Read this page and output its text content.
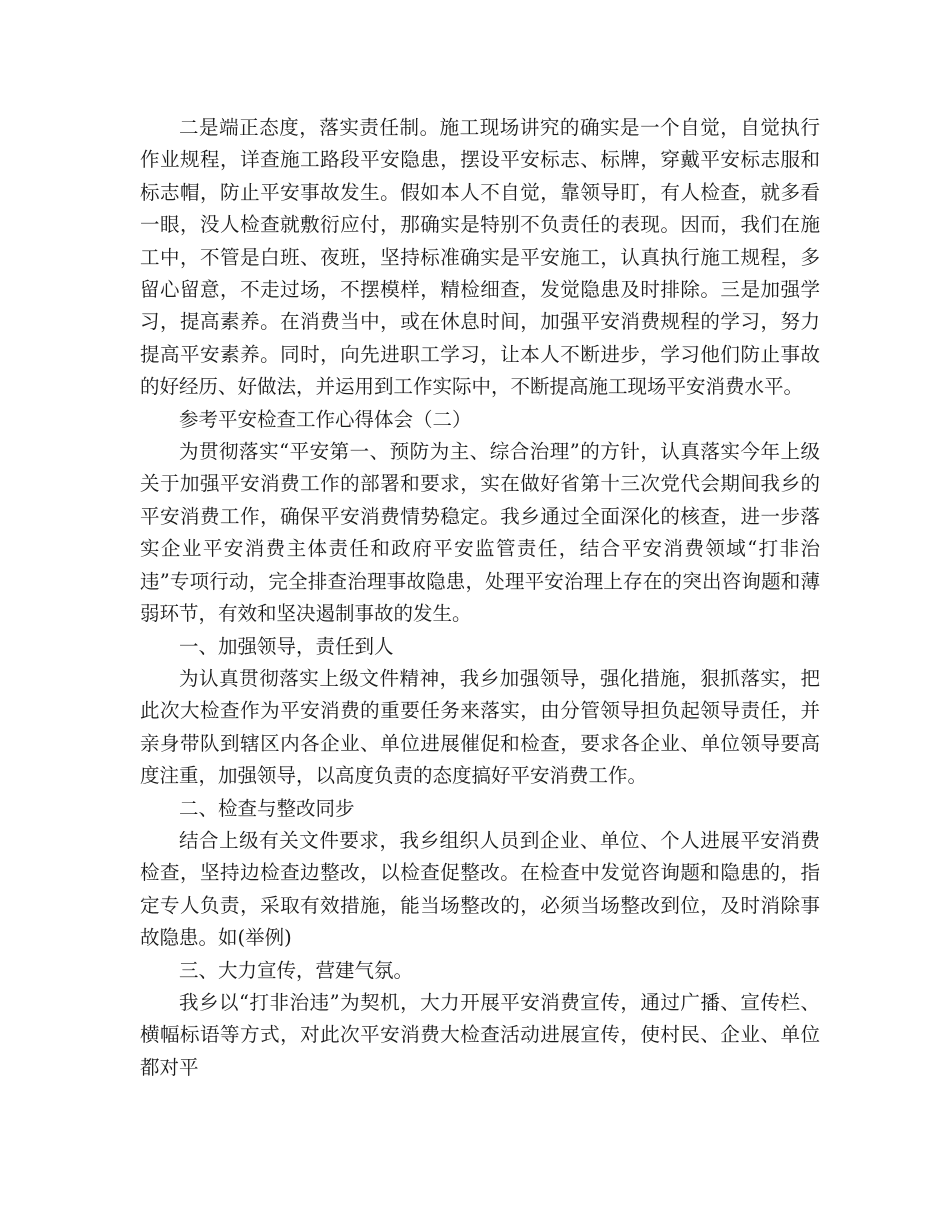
二是端正态度，落实责任制。施工现场讲究的确实是一个自觉，自觉执行作业规程，详查施工路段平安隐患，摆设平安标志、标牌，穿戴平安标志服和标志帽，防止平安事故发生。假如本人不自觉，靠领导盯，有人检查，就多看一眼，没人检查就敷衍应付，那确实是特别不负责任的表现。因而，我们在施工中，不管是白班、夜班，坚持标准确实是平安施工，认真执行施工规程，多留心留意，不走过场，不摆模样，精检细查，发觉隐患及时排除。三是加强学习，提高素养。在消费当中，或在休息时间，加强平安消费规程的学习，努力提高平安素养。同时，向先进职工学习，让本人不断进步，学习他们防止事故的好经历、好做法，并运用到工作实际中，不断提高施工现场平安消费水平。

参考平安检查工作心得体会（二）

为贯彻落实“平安第一、预防为主、综合治理”的方针，认真落实今年上级关于加强平安消费工作的部署和要求，实在做好省第十三次党代会期间我乡的平安消费工作，确保平安消费情势稳定。我乡通过全面深化的核查，进一步落实企业平安消费主体责任和政府平安监管责任，结合平安消费领域“打非治违”专项行动，完全排查治理事故隐患，处理平安治理上存在的突出咨询题和薄弱环节，有效和坚决遏制事故的发生。

一、加强领导，责任到人

为认真贯彻落实上级文件精神，我乡加强领导，强化措施，狠抓落实，把此次大检查作为平安消费的重要任务来落实，由分管领导担负起领导责任，并亲身带队到辖区内各企业、单位进展催促和检查，要求各企业、单位领导要高度注重，加强领导，以高度负责的态度搞好平安消费工作。

二、检查与整改同步

结合上级有关文件要求，我乡组织人员到企业、单位、个人进展平安消费检查，坚持边检查边整改，以检查促整改。在检查中发觉咨询题和隐患的，指定专人负责，采取有效措施，能当场整改的，必须当场整改到位，及时消除事故隐患。如(举例)

三、大力宣传，营建气氛。

我乡以“打非治违”为契机，大力开展平安消费宣传，通过广播、宣传栏、横幅标语等方式，对此次平安消费大检查活动进展宣传，使村民、企业、单位都对平
